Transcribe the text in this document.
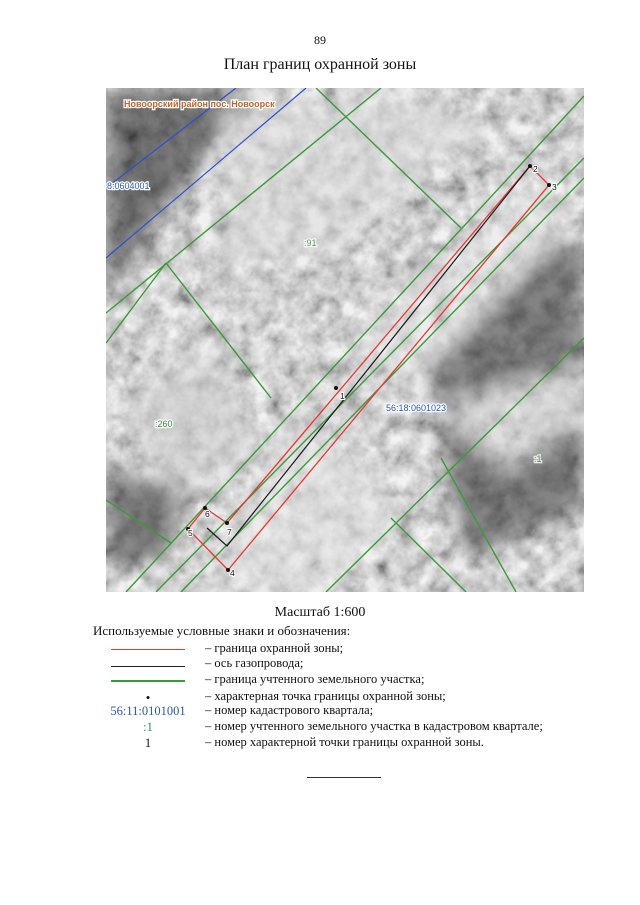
89
План границ охранной зоны
1
2
3
4
5
6
7
Новоорский район пос. Новоорск
8:0604001
:91
:260
56:18:0601023
:1
Масштаб 1:600
Используемые условные знаки и обозначения:
– граница охранной зоны;
– ось газопровода;
– граница учтенного земельного участка;
•	– характерная точка границы охранной зоны;
56:11:0101001	– номер кадастрового квартала;
:1	– номер учтенного земельного участка в кадастровом квартале;
1	– номер характерной точки границы охранной зоны.
